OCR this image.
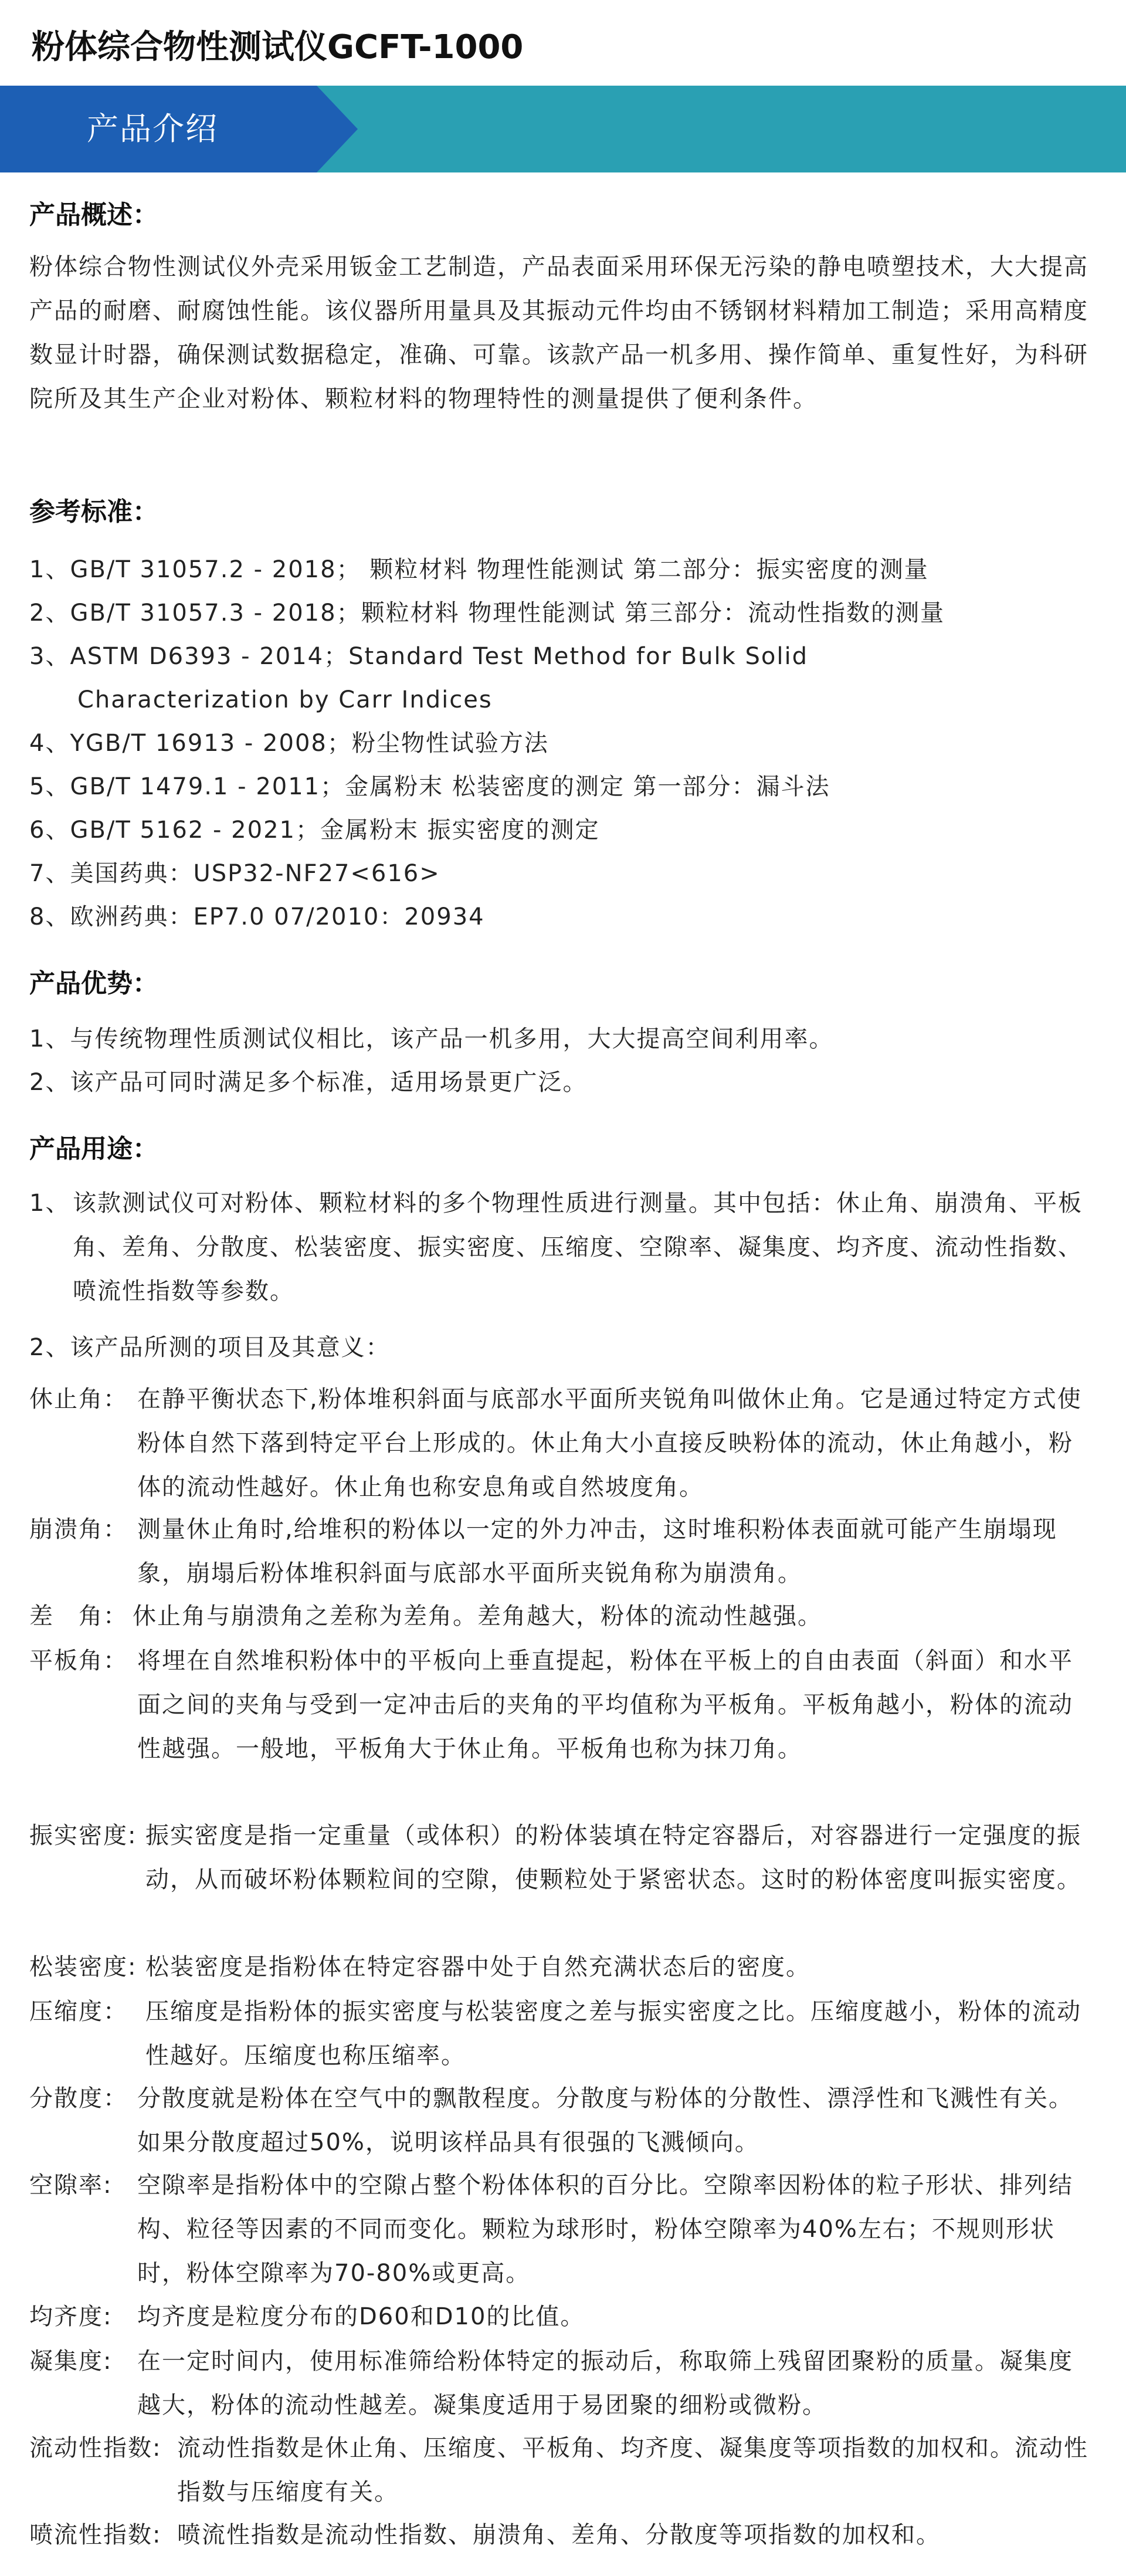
粉体综合物性测试仪GCFT-1000
产品介绍
产品概述：
粉体综合物性测试仪外壳采用钣金工艺制造，产品表面采用环保无污染的静电喷塑技术，大大提高产品的耐磨、耐腐蚀性能。该仪器所用量具及其振动元件均由不锈钢材料精加工制造；采用高精度数显计时器，确保测试数据稳定，准确、可靠。该款产品一机多用、操作简单、重复性好，为科研院所及其生产企业对粉体、颗粒材料的物理特性的测量提供了便利条件。
参考标准：
1、GB/T 31057.2 - 2018； 颗粒材料 物理性能测试 第二部分：振实密度的测量
2、GB/T 31057.3 - 2018；颗粒材料 物理性能测试 第三部分：流动性指数的测量
3、ASTM D6393 - 2014；Standard Test Method for Bulk Solid
Characterization by Carr Indices
4、YGB/T 16913 - 2008；粉尘物性试验方法
5、GB/T 1479.1 - 2011；金属粉末 松装密度的测定 第一部分：漏斗法
6、GB/T 5162 - 2021；金属粉末 振实密度的测定
7、美国药典：USP32-NF27<616>
8、欧洲药典：EP7.0 07/2010：20934
产品优势：
1、与传统物理性质测试仪相比，该产品一机多用，大大提高空间利用率。
2、该产品可同时满足多个标准，适用场景更广泛。
产品用途：
1、 该款测试仪可对粉体、颗粒材料的多个物理性质进行测量。其中包括：休止角、崩溃角、平板角、差角、分散度、松装密度、振实密度、压缩度、空隙率、凝集度、均齐度、流动性指数、喷流性指数等参数。
2、该产品所测的项目及其意义：
休止角： 在静平衡状态下,粉体堆积斜面与底部水平面所夹锐角叫做休止角。它是通过特定方式使粉体自然下落到特定平台上形成的。休止角大小直接反映粉体的流动，休止角越小，粉体的流动性越好。休止角也称安息角或自然坡度角。
崩溃角： 测量休止角时,给堆积的粉体以一定的外力冲击，这时堆积粉体表面就可能产生崩塌现象，崩塌后粉体堆积斜面与底部水平面所夹锐角称为崩溃角。
差　角： 休止角与崩溃角之差称为差角。差角越大，粉体的流动性越强。
平板角： 将埋在自然堆积粉体中的平板向上垂直提起，粉体在平板上的自由表面（斜面）和水平面之间的夹角与受到一定冲击后的夹角的平均值称为平板角。平板角越小，粉体的流动性越强。一般地，平板角大于休止角。平板角也称为抹刀角。
振实密度: 振实密度是指一定重量（或体积）的粉体装填在特定容器后，对容器进行一定强度的振动，从而破坏粉体颗粒间的空隙，使颗粒处于紧密状态。这时的粉体密度叫振实密度。
松装密度: 松装密度是指粉体在特定容器中处于自然充满状态后的密度。
压缩度： 压缩度是指粉体的振实密度与松装密度之差与振实密度之比。压缩度越小，粉体的流动性越好。压缩度也称压缩率。
分散度： 分散度就是粉体在空气中的飘散程度。分散度与粉体的分散性、漂浮性和飞溅性有关。如果分散度超过50%，说明该样品具有很强的飞溅倾向。
空隙率: 空隙率是指粉体中的空隙占整个粉体体积的百分比。空隙率因粉体的粒子形状、排列结构、粒径等因素的不同而变化。颗粒为球形时，粉体空隙率为40%左右；不规则形状时，粉体空隙率为70-80%或更高。
均齐度: 均齐度是粒度分布的D60和D10的比值。
凝集度: 在一定时间内，使用标准筛给粉体特定的振动后，称取筛上残留团聚粉的质量。凝集度越大，粉体的流动性越差。凝集度适用于易团聚的细粉或微粉。
流动性指数: 流动性指数是休止角、压缩度、平板角、均齐度、凝集度等项指数的加权和。流动性指数与压缩度有关。
喷流性指数: 喷流性指数是流动性指数、崩溃角、差角、分散度等项指数的加权和。
